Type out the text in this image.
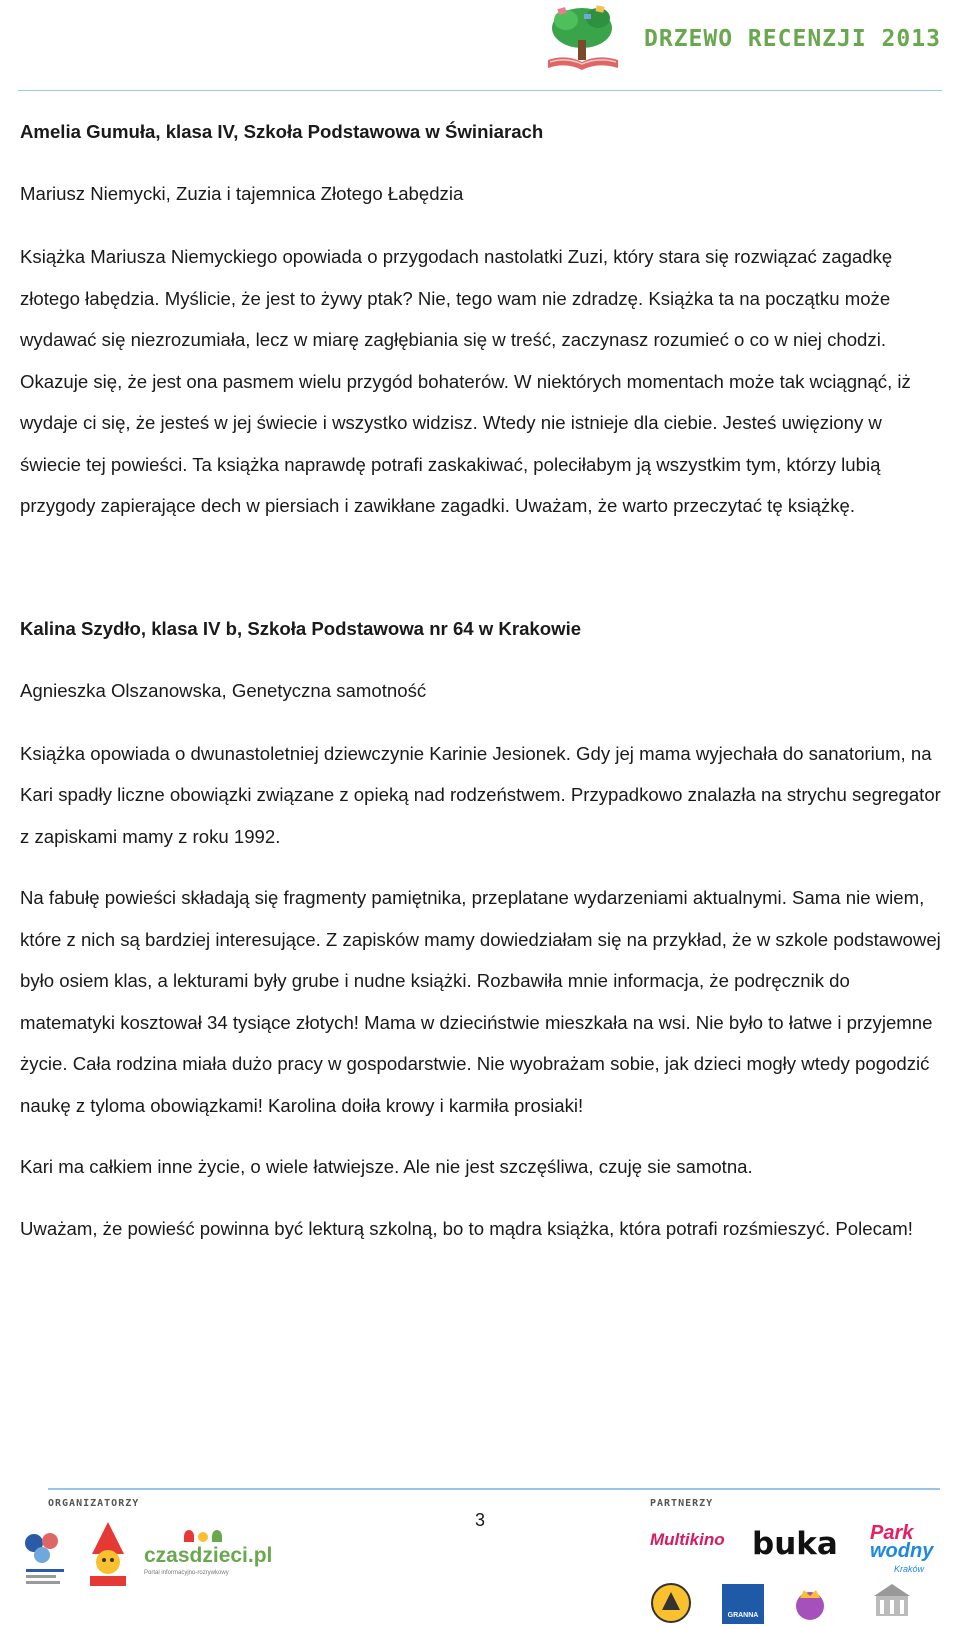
DRZEWO RECENZJI 2013

Amelia Gumuła, klasa IV, Szkoła Podstawowa w Świniarach

Mariusz Niemycki, Zuzia i tajemnica Złotego Łabędzia

Książka Mariusza Niemyckiego opowiada o przygodach nastolatki Zuzi, który stara się rozwiązać zagadkę złotego łabędzia. Myślicie, że jest to żywy ptak? Nie, tego wam nie zdradzę. Książka ta na początku może wydawać się niezrozumiała, lecz w miarę zagłębiania się w treść, zaczynasz rozumieć o co w niej chodzi. Okazuje się, że jest ona pasmem wielu przygód bohaterów. W niektórych momentach może tak wciągnąć, iż wydaje ci się, że jesteś w jej świecie i wszystko widzisz. Wtedy nie istnieje dla ciebie. Jesteś uwięziony w świecie tej powieści. Ta książka naprawdę potrafi zaskakiwać, poleciłabym ją wszystkim tym, którzy lubią przygody zapierające dech w piersiach i zawikłane zagadki. Uważam, że warto przeczytać tę książkę.

Kalina Szydło, klasa IV b, Szkoła Podstawowa nr 64 w Krakowie

Agnieszka Olszanowska, Genetyczna samotność

Książka opowiada o dwunastoletniej dziewczynie Karinie Jesionek. Gdy jej mama wyjechała do sanatorium, na Kari spadły liczne obowiązki związane z opieką nad rodzeństwem. Przypadkowo znalazła na strychu segregator z zapiskami mamy z roku 1992.

Na fabułę powieści składają się fragmenty pamiętnika, przeplatane wydarzeniami aktualnymi. Sama nie wiem, które z nich są bardziej interesujące. Z zapisków mamy dowiedziałam się na przykład, że w szkole podstawowej było osiem klas, a lekturami były grube i nudne książki. Rozbawiła mnie informacja, że podręcznik do matematyki kosztował 34 tysiące złotych! Mama w dzieciństwie mieszkała na wsi. Nie było to łatwe i przyjemne życie. Cała rodzina miała dużo pracy w gospodarstwie. Nie wyobrażam sobie, jak dzieci mogły wtedy pogodzić naukę z tyloma obowiązkami! Karolina doiła krowy i karmiła prosiaki!

Kari ma całkiem inne życie, o wiele łatwiejsze. Ale nie jest szczęśliwa, czuję sie samotna.

Uważam, że powieść powinna być lekturą szkolną, bo to mądra książka, która potrafi rozśmieszyć. Polecam!

ORGANIZATORZY	PARTNERZY
3
czasdzieci.pl
Portal informacyjno-rozrywkowy
Multikino buka Park
wodny
Kraków
GRANNA
